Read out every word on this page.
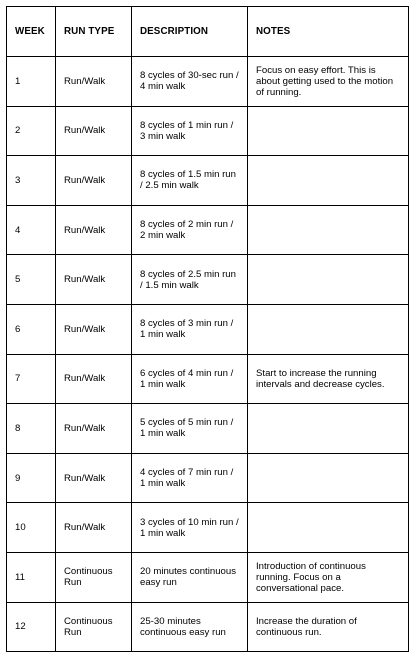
WEEK	RUN TYPE	DESCRIPTION	NOTES
1	Run/Walk	8 cycles of 30-sec run / 4 min walk	Focus on easy effort. This is about getting used to the motion of running.
2	Run/Walk	8 cycles of 1 min run / 3 min walk	
3	Run/Walk	8 cycles of 1.5 min run / 2.5 min walk	
4	Run/Walk	8 cycles of 2 min run / 2 min walk	
5	Run/Walk	8 cycles of 2.5 min run / 1.5 min walk	
6	Run/Walk	8 cycles of 3 min run / 1 min walk	
7	Run/Walk	6 cycles of 4 min run / 1 min walk	Start to increase the running intervals and decrease cycles.
8	Run/Walk	5 cycles of 5 min run / 1 min walk	
9	Run/Walk	4 cycles of 7 min run / 1 min walk	
10	Run/Walk	3 cycles of 10 min run / 1 min walk	
11	Continuous Run	20 minutes continuous easy run	Introduction of continuous running. Focus on a conversational pace.
12	Continuous Run	25-30 minutes continuous easy run	Increase the duration of continuous run.
